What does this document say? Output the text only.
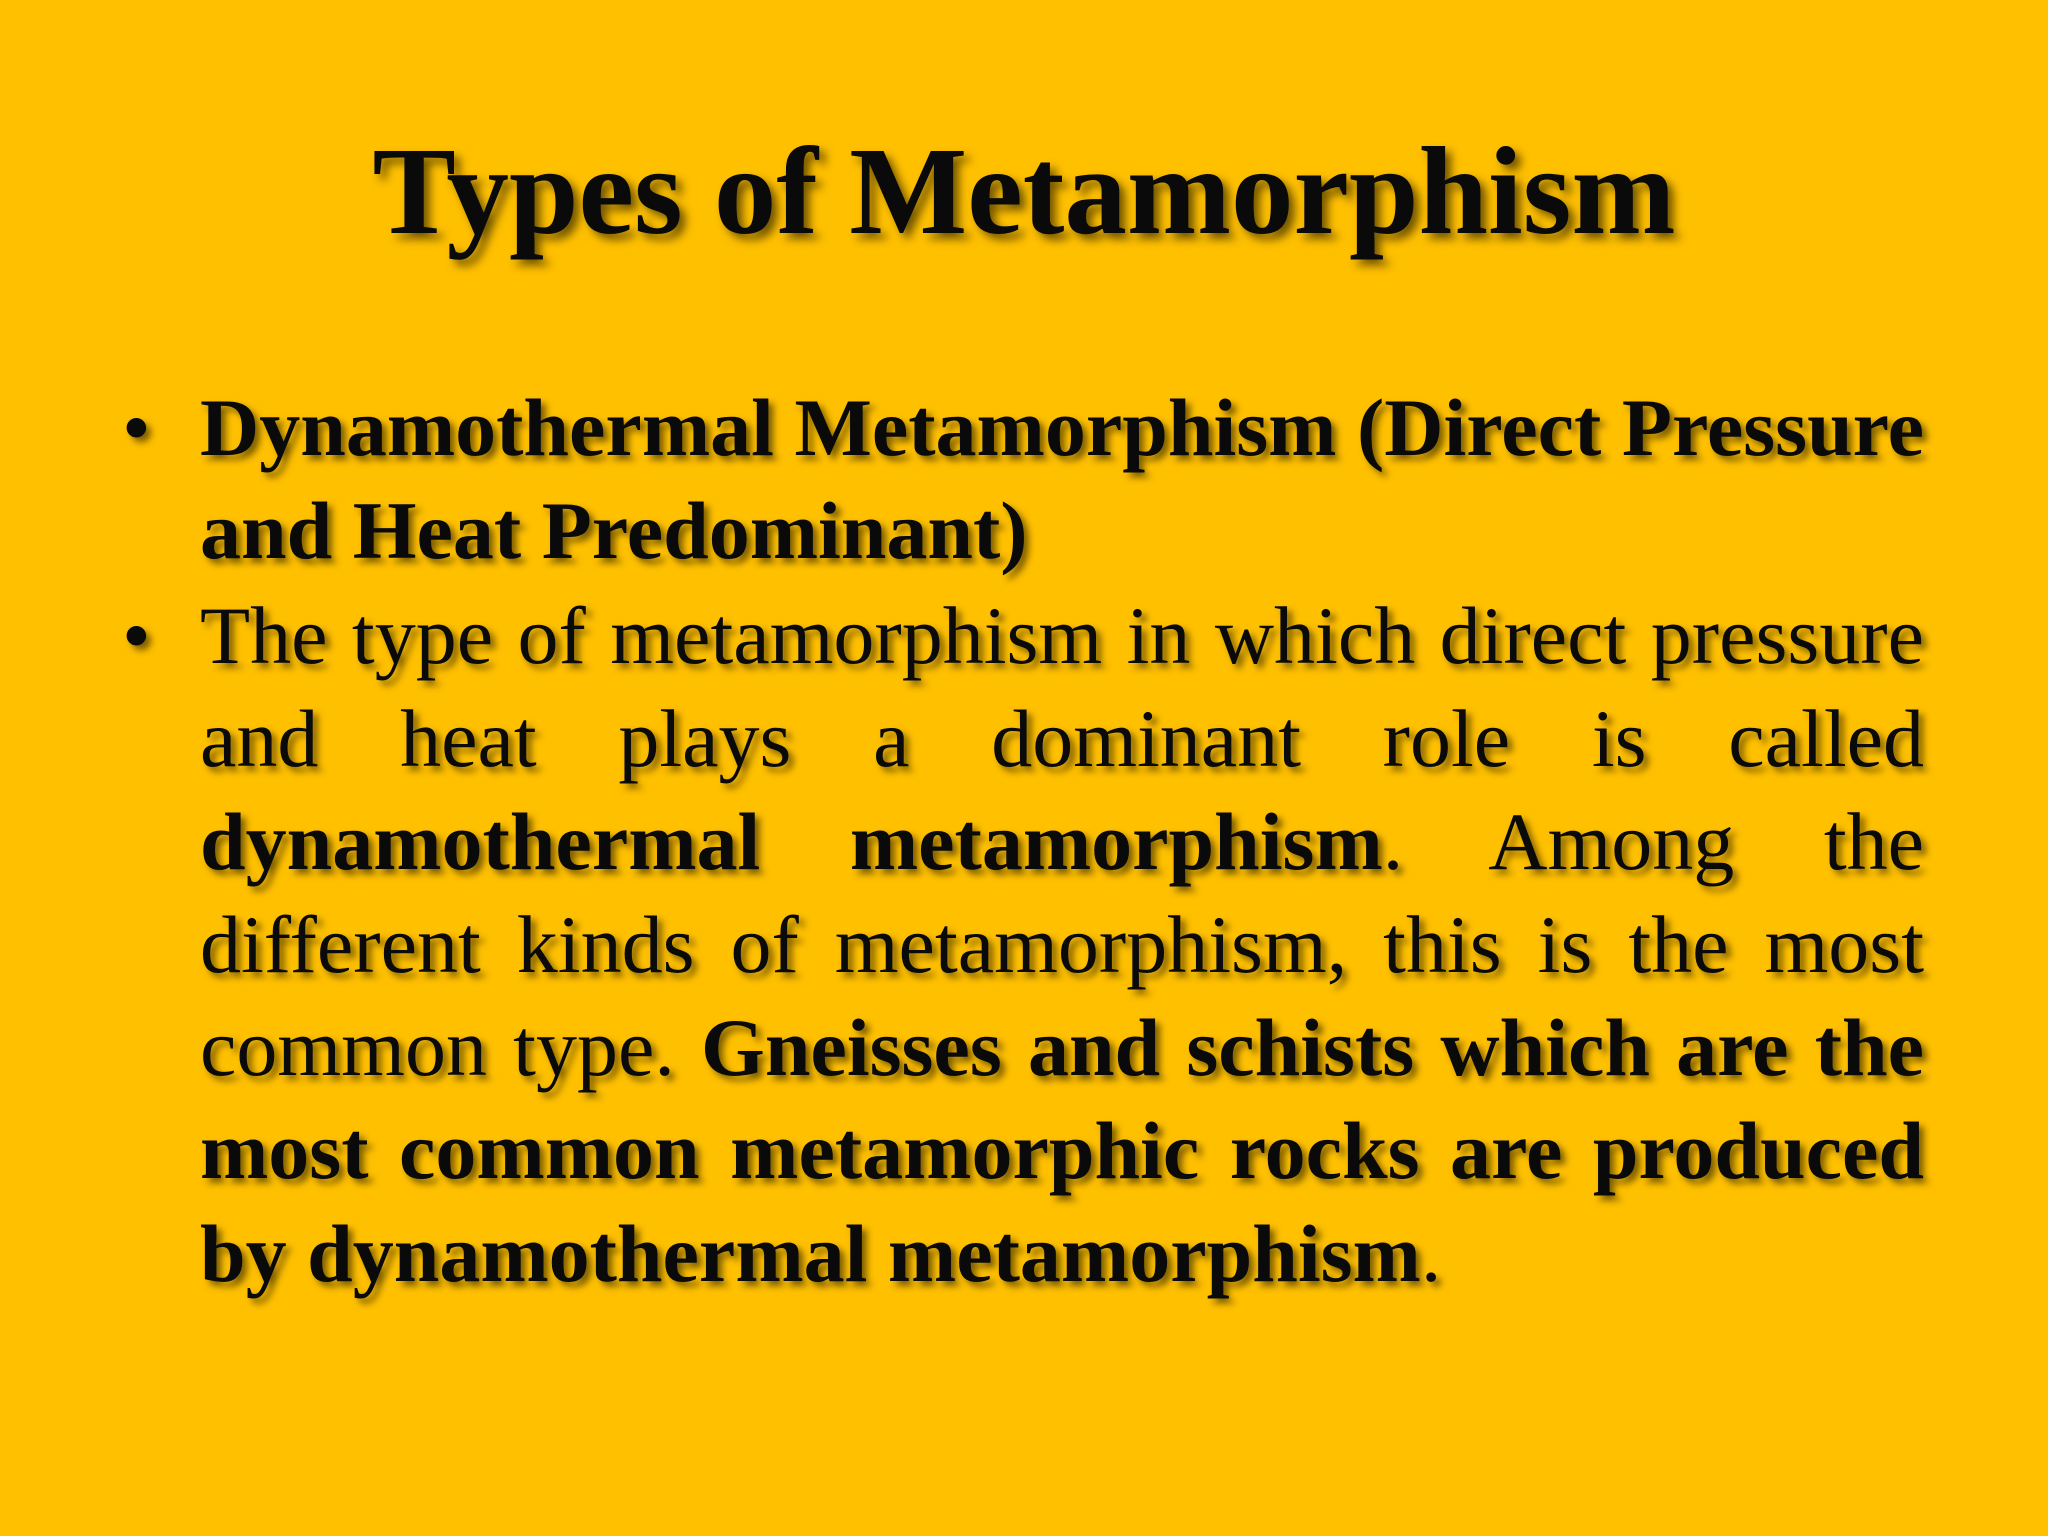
Types of Metamorphism
• Dynamothermal Metamorphism (Direct Pressure and Heat Predominant)
• The type of metamorphism in which direct pressure and heat plays a dominant role is called dynamothermal metamorphism. Among the different kinds of metamorphism, this is the most common type. Gneisses and schists which are the most common metamorphic rocks are produced by dynamothermal metamorphism.
